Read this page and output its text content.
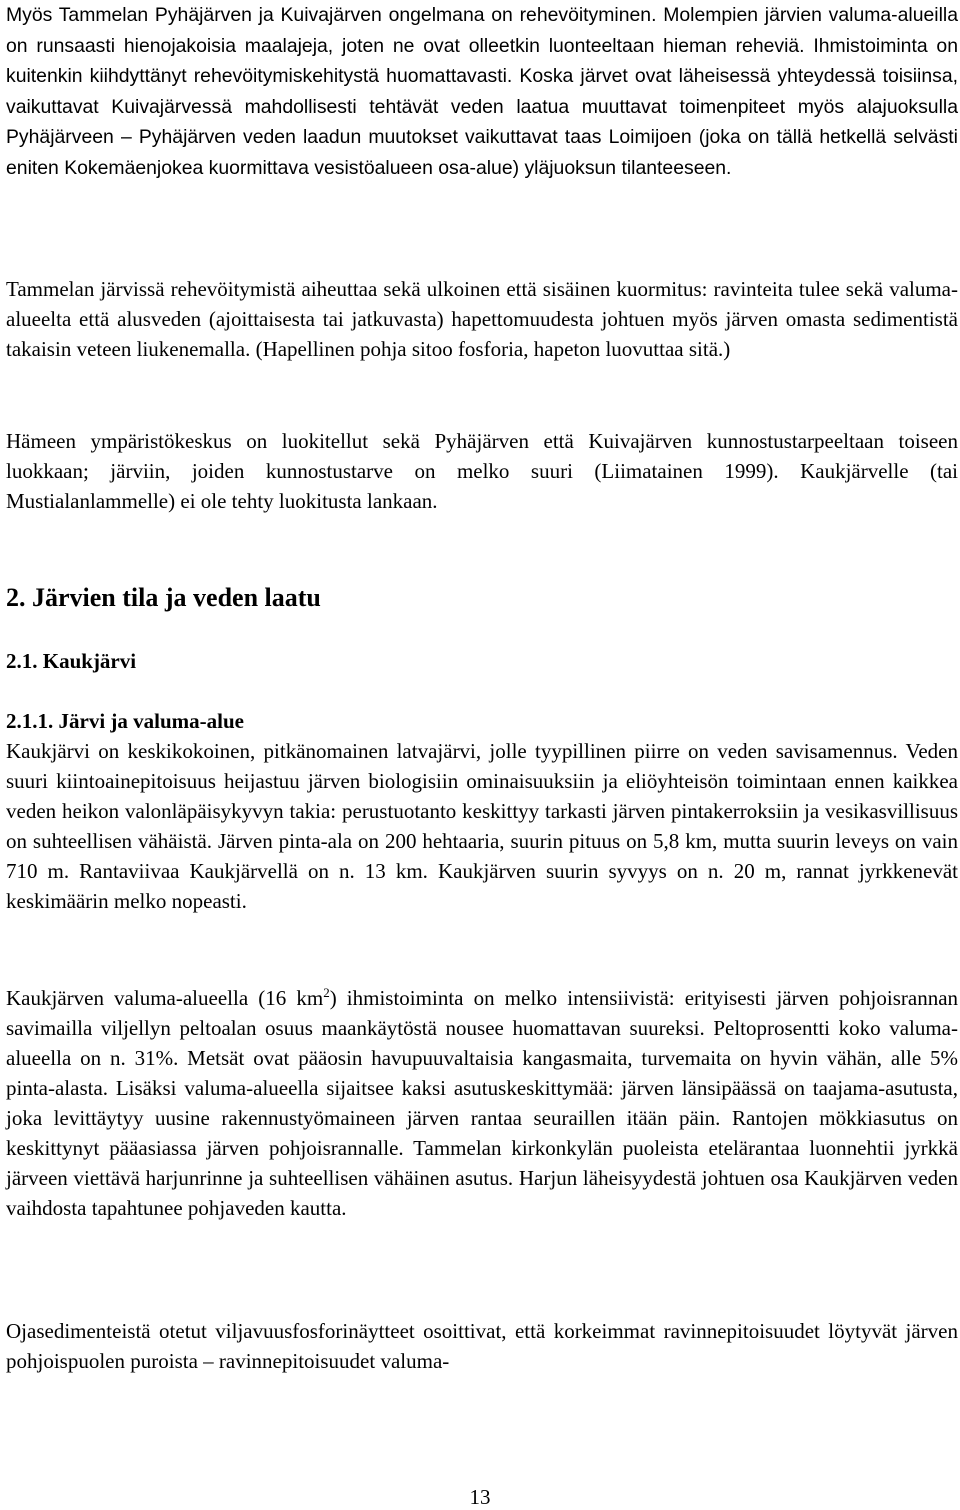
Myös Tammelan Pyhäjärven ja Kuivajärven ongelmana on rehevöityminen. Molempien järvien valuma-alueilla on runsaasti hienojakoisia maalajeja, joten ne ovat olleetkin luonteeltaan hieman reheviä. Ihmistoiminta on kuitenkin kiihdyttänyt rehevöitymiskehitystä huomattavasti. Koska järvet ovat läheisessä yhteydessä toisiinsa, vaikuttavat Kuivajärvessä mahdollisesti tehtävät veden laatua muuttavat toimenpiteet myös alajuoksulla Pyhäjärveen – Pyhäjärven veden laadun muutokset vaikuttavat taas Loimijoen (joka on tällä hetkellä selvästi eniten Kokemäenjokea kuormittava vesistöalueen osa-alue) yläjuoksun tilanteeseen.

Tammelan järvissä rehevöitymistä aiheuttaa sekä ulkoinen että sisäinen kuormitus: ravinteita tulee sekä valuma-alueelta että alusveden (ajoittaisesta tai jatkuvasta) hapettomuudesta johtuen myös järven omasta sedimentistä takaisin veteen liukenemalla. (Hapellinen pohja sitoo fosforia, hapeton luovuttaa sitä.)

Hämeen ympäristökeskus on luokitellut sekä Pyhäjärven että Kuivajärven kunnostustarpeeltaan toiseen luokkaan; järviin, joiden kunnostustarve on melko suuri (Liimatainen 1999). Kaukjärvelle (tai Mustialanlammelle) ei ole tehty luokitusta lankaan.

2. Järvien tila ja veden laatu
2.1. Kaukjärvi
2.1.1. Järvi ja valuma-alue

Kaukjärvi on keskikokoinen, pitkänomainen latvajärvi, jolle tyypillinen piirre on veden savisamennus. Veden suuri kiintoainepitoisuus heijastuu järven biologisiin ominaisuuksiin ja eliöyhteisön toimintaan ennen kaikkea veden heikon valonläpäisykyvyn takia: perustuotanto keskittyy tarkasti järven pintakerroksiin ja vesikasvillisuus on suhteellisen vähäistä. Järven pinta-ala on 200 hehtaaria, suurin pituus on 5,8 km, mutta suurin leveys on vain 710 m. Rantaviivaa Kaukjärvellä on n. 13 km. Kaukjärven suurin syvyys on n. 20 m, rannat jyrkkenevät keskimäärin melko nopeasti.

Kaukjärven valuma-alueella (16 $km^2$) ihmistoiminta on melko intensiivistä: erityisesti järven pohjoisrannan savimailla viljellyn peltoalan osuus maankäytöstä nousee huomattavan suureksi. Peltoprosentti koko valuma-alueella on n. 31%. Metsät ovat pääosin havupuuvaltaisia kangasmaita, turvemaita on hyvin vähän, alle 5% pinta-alasta. Lisäksi valuma-alueella sijaitsee kaksi asutuskeskittymää: järven länsipäässä on taajama-asutusta, joka levittäytyy uusine rakennustyömaineen järven rantaa seuraillen itään päin. Rantojen mökkiasutus on keskittynyt pääasiassa järven pohjoisrannalle. Tammelan kirkonkylän puoleista etelärantaa luonnehtii jyrkkä järveen viettävä harjunrinne ja suhteellisen vähäinen asutus. Harjun läheisyydestä johtuen osa Kaukjärven veden vaihdosta tapahtunee pohjaveden kautta.

Ojasedimenteistä otetut viljavuusfosforinäytteet osoittivat, että korkeimmat ravinnepitoisuudet löytyvät järven pohjoispuolen puroista – ravinnepitoisuudet valuma-

13
